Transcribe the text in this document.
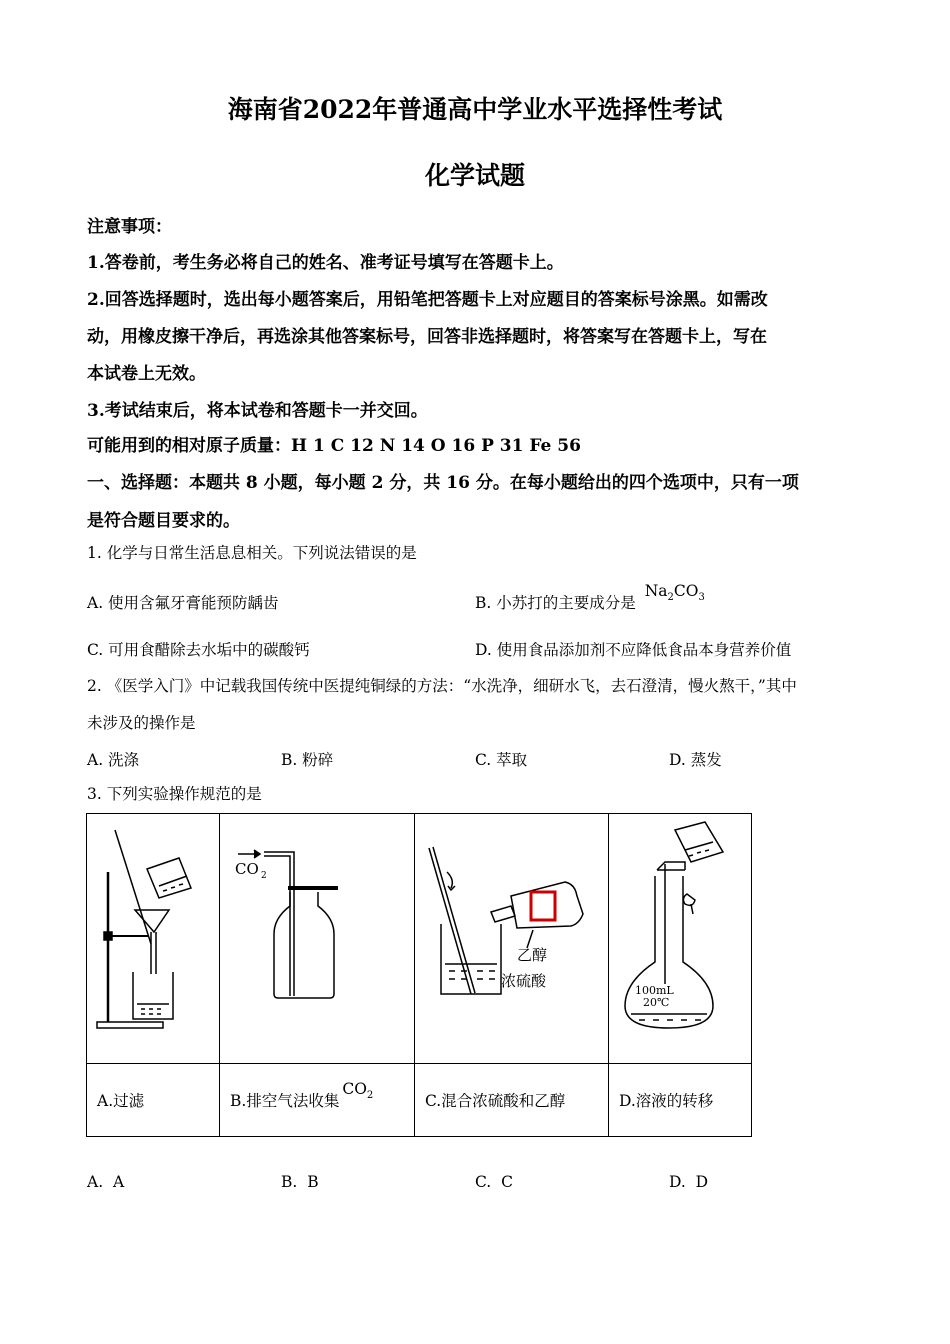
海南省2022年普通高中学业水平选择性考试
化学试题
注意事项：
1.答卷前，考生务必将自己的姓名、准考证号填写在答题卡上。
2.回答选择题时，选出每小题答案后，用铅笔把答题卡上对应题目的答案标号涂黑。如需改
动，用橡皮擦干净后，再选涂其他答案标号，回答非选择题时，将答案写在答题卡上，写在
本试卷上无效。
3.考试结束后，将本试卷和答题卡一并交回。
可能用到的相对原子质量：H 1 C 12 N 14 O 16 P 31 Fe 56
一、选择题：本题共 8 小题，每小题 2 分，共 16 分。在每小题给出的四个选项中，只有一项
是符合题目要求的。
1. 化学与日常生活息息相关。下列说法错误的是
A. 使用含氟牙膏能预防龋齿	B. 小苏打的主要成分是 $Na_2CO_3$
C. 可用食醋除去水垢中的碳酸钙	D. 使用食品添加剂不应降低食品本身营养价值
2. 《医学入门》中记载我国传统中医提纯铜绿的方法：“水洗净，细研水飞，去石澄清，慢火熬干，”其中
未涉及的操作是
A. 洗涤	B. 粉碎	C. 萃取	D. 蒸发
3. 下列实验操作规范的是

CO 2	乙醇
浓硫酸	100mL
20℃

A.过滤	B.排空气法收集$CO_2$	C.混合浓硫酸和乙醇	D.溶液的转移
A. A	B. B	C. C	D. D
